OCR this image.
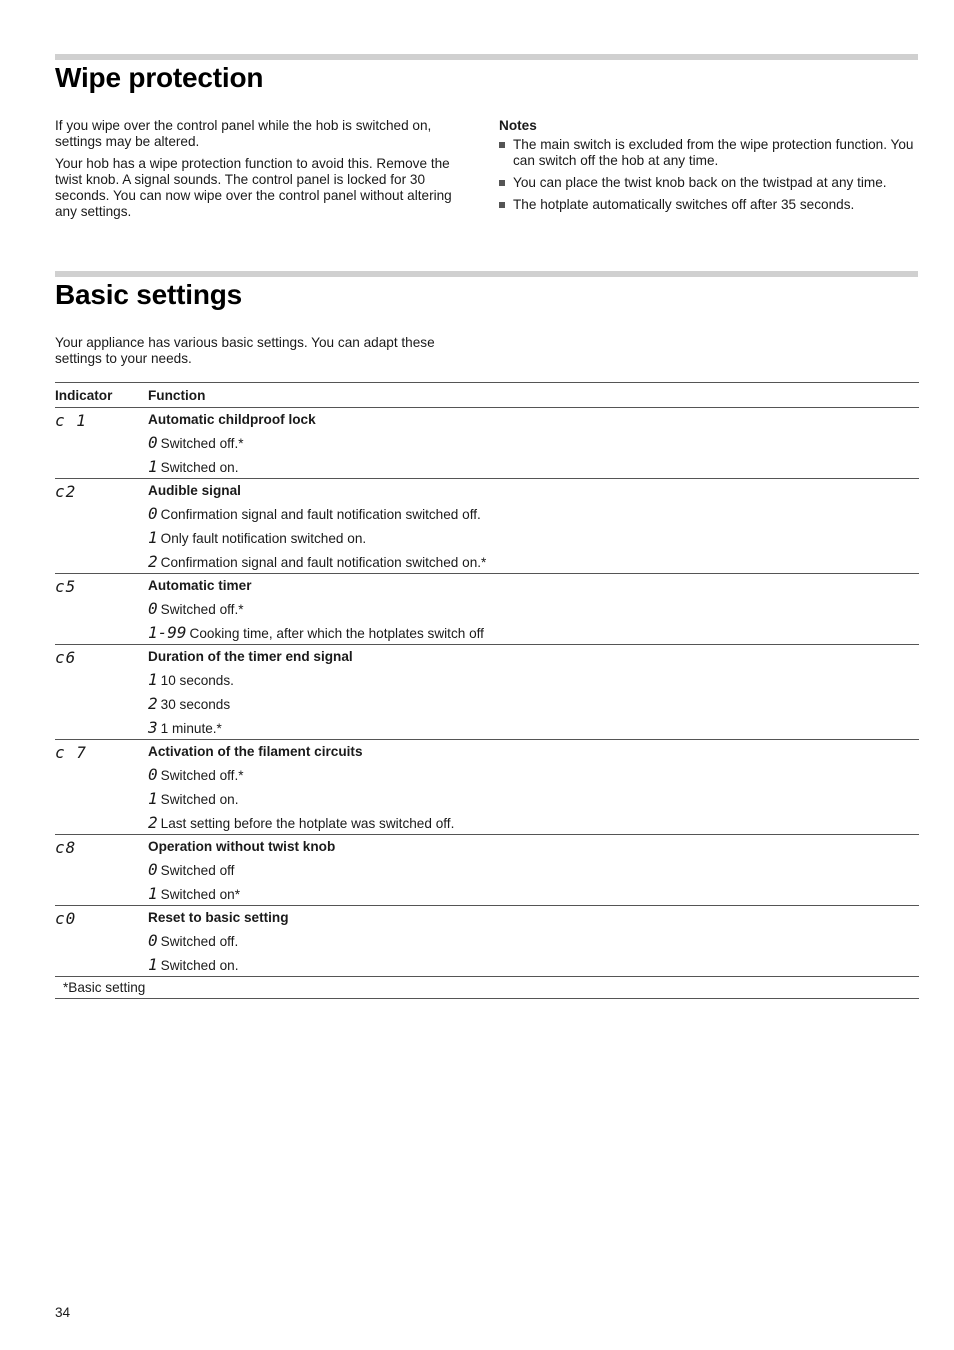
Wipe protection

If you wipe over the control panel while the hob is switched on, settings may be altered.

Your hob has a wipe protection function to avoid this. Remove the twist knob. A signal sounds. The control panel is locked for 30 seconds. You can now wipe over the control panel without altering any settings.

Notes
The main switch is excluded from the wipe protection function. You can switch off the hob at any time.
You can place the twist knob back on the twistpad at any time.
The hotplate automatically switches off after 35 seconds.
Basic settings

Your appliance has various basic settings. You can adapt these settings to your needs.

Indicator	Function
c 1	Automatic childproof lock
	0 Switched off.*
	1 Switched on.
c2	Audible signal
	0 Confirmation signal and fault notification switched off.
	1 Only fault notification switched on.
	2 Confirmation signal and fault notification switched on.*
c5	Automatic timer
	0 Switched off.*
	1-99 Cooking time, after which the hotplates switch off
c6	Duration of the timer end signal
	1 10 seconds.
	2 30 seconds
	3 1 minute.*
c 7	Activation of the filament circuits
	0 Switched off.*
	1 Switched on.
	2 Last setting before the hotplate was switched off.
c8	Operation without twist knob
	0 Switched off
	1 Switched on*
c0	Reset to basic setting
	0 Switched off.
	1 Switched on.
*Basic setting	
34
